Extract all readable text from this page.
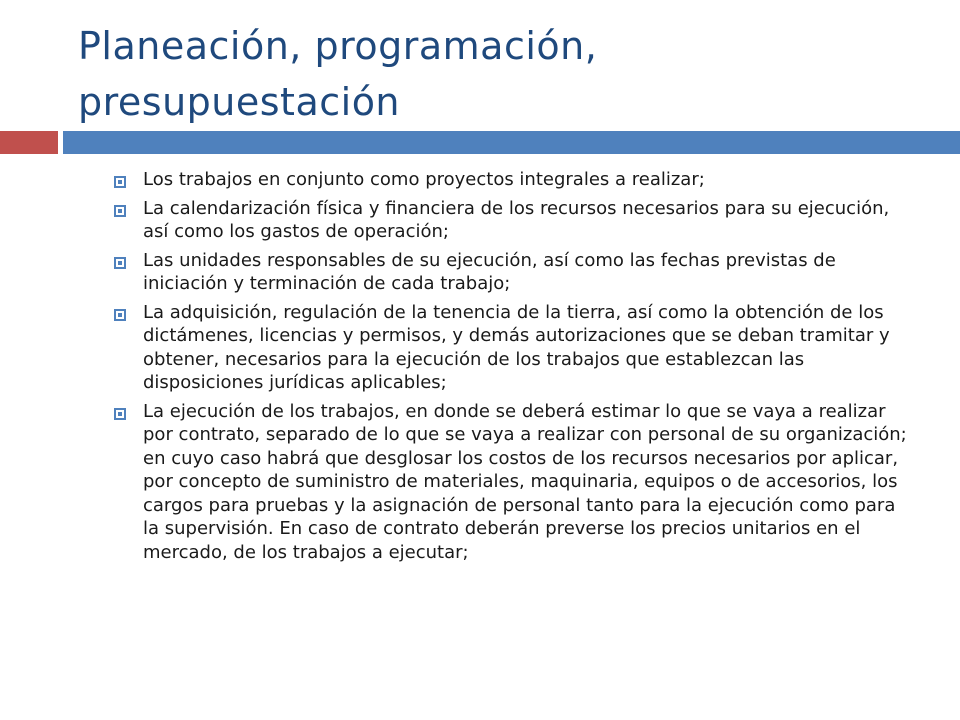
Planeación, programación,
presupuestación
Los trabajos en conjunto como proyectos integrales a realizar;
La calendarización física y financiera de los recursos necesarios para su ejecución, así como los gastos de operación;
Las unidades responsables de su ejecución, así como las fechas previstas de iniciación y terminación de cada trabajo;
La adquisición, regulación de la tenencia de la tierra, así como la obtención de los dictámenes, licencias y permisos, y demás autorizaciones que se deban tramitar y obtener, necesarios para la ejecución de los trabajos que establezcan las disposiciones jurídicas aplicables;
La ejecución de los trabajos, en donde se deberá estimar lo que se vaya a realizar por contrato, separado de lo que se vaya a realizar con personal de su organización; en cuyo caso habrá que desglosar los costos de los recursos necesarios por aplicar, por concepto de suministro de materiales, maquinaria, equipos o de accesorios, los cargos para pruebas y la asignación de personal tanto para la ejecución como para la supervisión. En caso de contrato deberán preverse los precios unitarios en el mercado, de los trabajos a ejecutar;
